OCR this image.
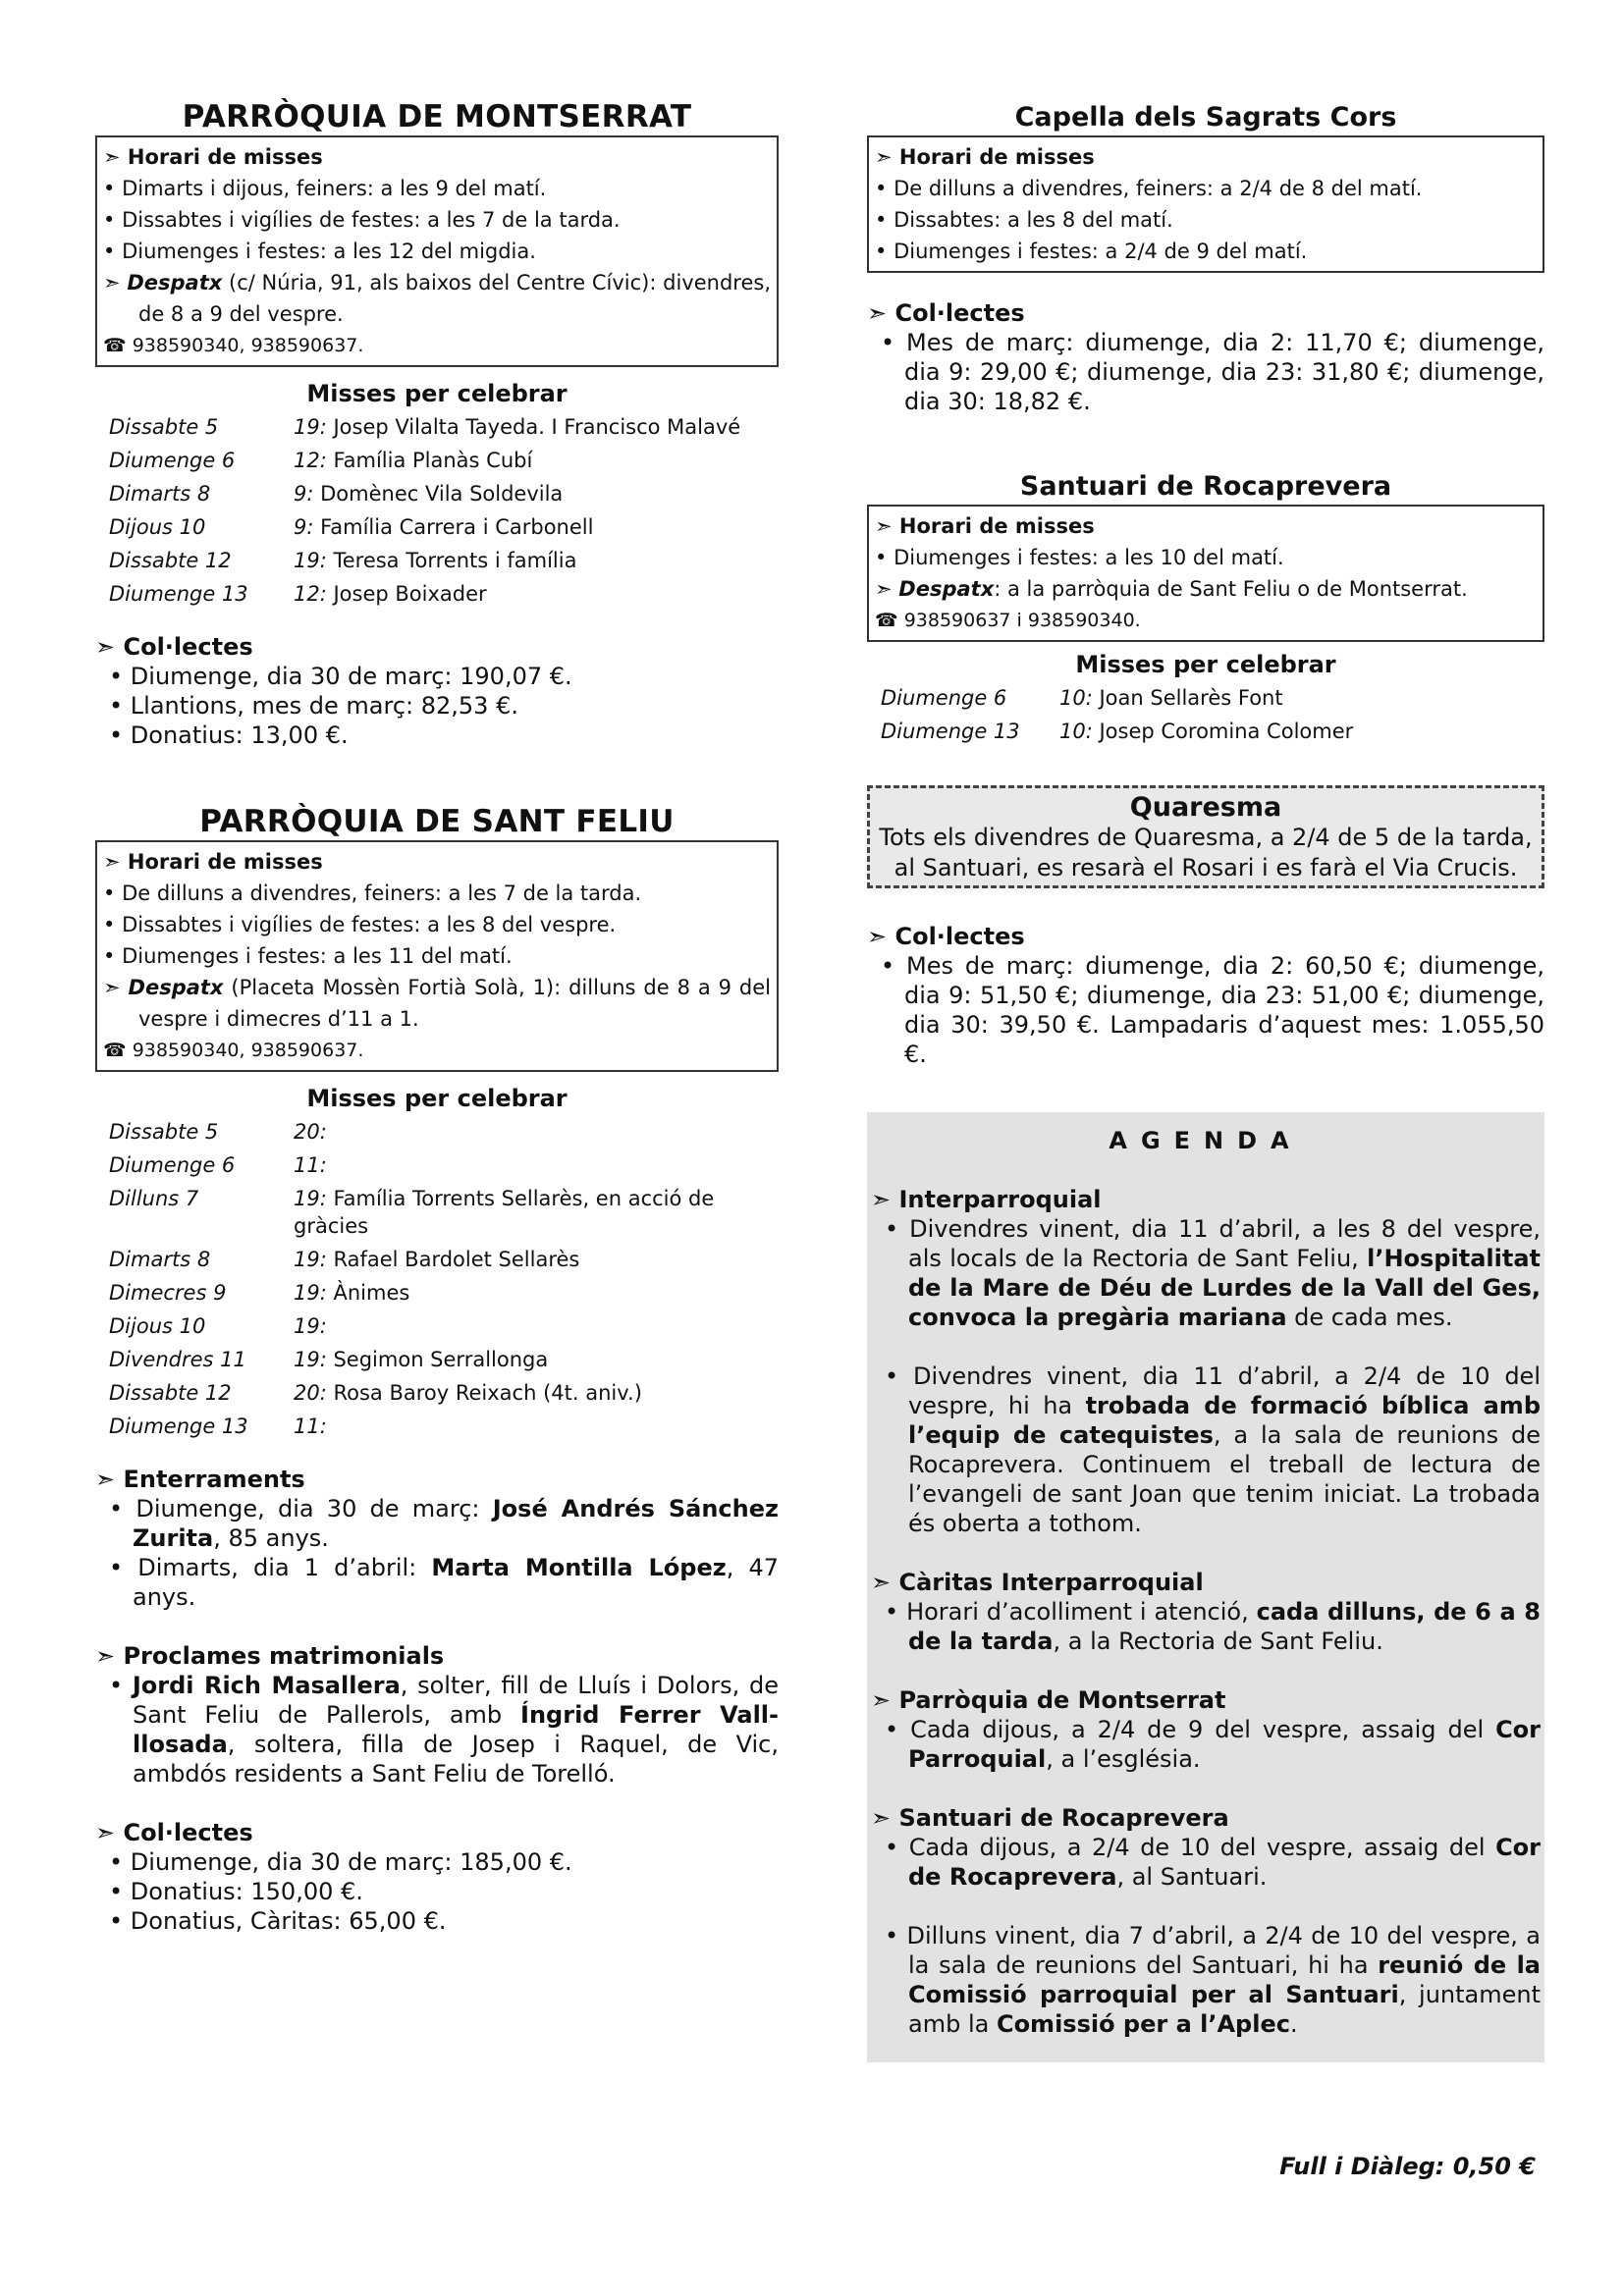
PARRÒQUIA DE MONTSERRAT
➣ Horari de misses
• Dimarts i dijous, feiners: a les 9 del matí.
• Dissabtes i vigílies de festes: a les 7 de la tarda.
• Diumenges i festes: a les 12 del migdia.
➣ Despatx (c/ Núria, 91, als baixos del Centre Cívic): divendres, de 8 a 9 del vespre.
☎ 938590340, 938590637.
Misses per celebrar
Dissabte 5	19: Josep Vilalta Tayeda. I Francisco Malavé
Diumenge 6	12: Família Planàs Cubí
Dimarts 8	9: Domènec Vila Soldevila
Dijous 10	9: Família Carrera i Carbonell
Dissabte 12	19: Teresa Torrents i família
Diumenge 13	12: Josep Boixader
➣ Col·lectes
• Diumenge, dia 30 de març: 190,07 €.
• Llantions, mes de març: 82,53 €.
• Donatius: 13,00 €.
PARRÒQUIA DE SANT FELIU
➣ Horari de misses
• De dilluns a divendres, feiners: a les 7 de la tarda.
• Dissabtes i vigílies de festes: a les 8 del vespre.
• Diumenges i festes: a les 11 del matí.
➣ Despatx (Placeta Mossèn Fortià Solà, 1): dilluns de 8 a 9 del vespre i dimecres d’11 a 1.
☎ 938590340, 938590637.
Misses per celebrar
Dissabte 5	20:
Diumenge 6	11:
Dilluns 7	19: Família Torrents Sellarès, en acció de gràcies
Dimarts 8	19: Rafael Bardolet Sellarès
Dimecres 9	19: Ànimes
Dijous 10	19:
Divendres 11	19: Segimon Serrallonga
Dissabte 12	20: Rosa Baroy Reixach (4t. aniv.)
Diumenge 13	11:
➣ Enterraments
• Diumenge, dia 30 de març: José Andrés Sánchez Zurita, 85 anys.
• Dimarts, dia 1 d’abril: Marta Montilla López, 47 anys.
➣ Proclames matrimonials
• Jordi Rich Masallera, solter, fill de Lluís i Dolors, de Sant Feliu de Pallerols, amb Íngrid Ferrer Vall-llosada, soltera, filla de Josep i Raquel, de Vic, ambdós residents a Sant Feliu de Torelló.
➣ Col·lectes
• Diumenge, dia 30 de març: 185,00 €.
• Donatius: 150,00 €.
• Donatius, Càritas: 65,00 €.
Capella dels Sagrats Cors
➣ Horari de misses
• De dilluns a divendres, feiners: a 2/4 de 8 del matí.
• Dissabtes: a les 8 del matí.
• Diumenges i festes: a 2/4 de 9 del matí.
➣ Col·lectes
• Mes de març: diumenge, dia 2: 11,70 €; diumenge, dia 9: 29,00 €; diumenge, dia 23: 31,80 €; diumenge, dia 30: 18,82 €.
Santuari de Rocaprevera
➣ Horari de misses
• Diumenges i festes: a les 10 del matí.
➣ Despatx: a la parròquia de Sant Feliu o de Montserrat.
☎ 938590637 i 938590340.
Misses per celebrar
Diumenge 6	10: Joan Sellarès Font
Diumenge 13	10: Josep Coromina Colomer
Quaresma
Tots els divendres de Quaresma, a 2/4 de 5 de la tarda, al Santuari, es resarà el Rosari i es farà el Via Crucis.
➣ Col·lectes
• Mes de març: diumenge, dia 2: 60,50 €; diumenge, dia 9: 51,50 €; diumenge, dia 23: 51,00 €; diumenge, dia 30: 39,50 €. Lampadaris d’aquest mes: 1.055,50 €.
AGENDA
➣ Interparroquial
• Divendres vinent, dia 11 d’abril, a les 8 del vespre, als locals de la Rectoria de Sant Feliu, l’Hospitalitat de la Mare de Déu de Lurdes de la Vall del Ges, convoca la pregària mariana de cada mes.
• Divendres vinent, dia 11 d’abril, a 2/4 de 10 del vespre, hi ha trobada de formació bíblica amb l’equip de catequistes, a la sala de reunions de Rocaprevera. Continuem el treball de lectura de l’evangeli de sant Joan que tenim iniciat. La trobada és oberta a tothom.
➣ Càritas Interparroquial
• Horari d’acolliment i atenció, cada dilluns, de 6 a 8 de la tarda, a la Rectoria de Sant Feliu.
➣ Parròquia de Montserrat
• Cada dijous, a 2/4 de 9 del vespre, assaig del Cor Parroquial, a l’església.
➣ Santuari de Rocaprevera
• Cada dijous, a 2/4 de 10 del vespre, assaig del Cor de Rocaprevera, al Santuari.
• Dilluns vinent, dia 7 d’abril, a 2/4 de 10 del vespre, a la sala de reunions del Santuari, hi ha reunió de la Comissió parroquial per al Santuari, juntament amb la Comissió per a l’Aplec.
Full i Diàleg: 0,50 €
